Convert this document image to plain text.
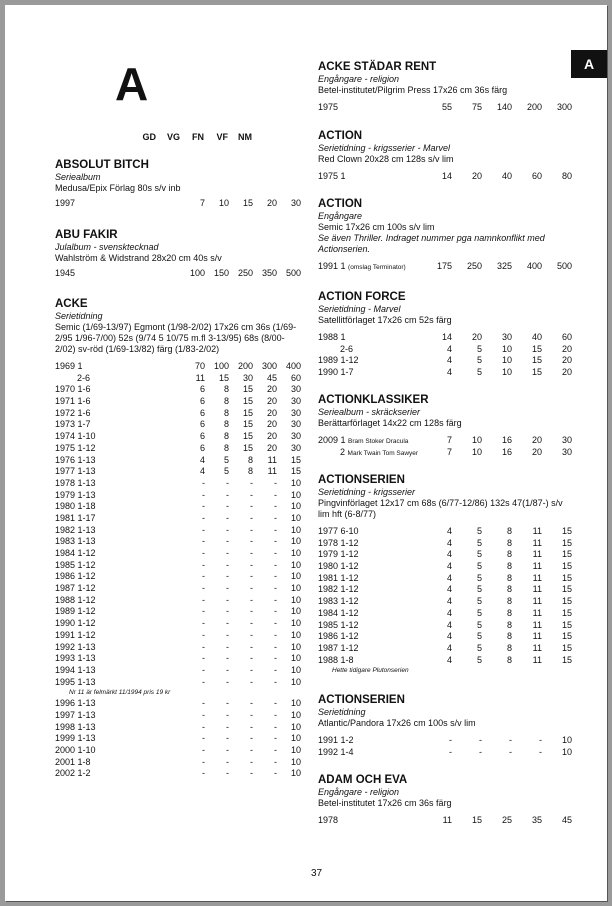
A
GD VG FN VF NM
ABSOLUT BITCH
Seriealbum
Medusa/Epix Förlag 80s s/v inb
1997	7 10 15 20 30
ABU FAKIR
Julalbum - svensktecknad
Wahlström & Widstrand 28x20 cm 40s s/v
1945	100 150 250 350 500
ACKE
Serietidning
Semic (1/69-13/97) Egmont (1/98-2/02) 17x26 cm 36s (1/69-2/95 1/96-7/00) 52s (9/74 5 10/75 m.fl 3-13/95) 68s (8/00-2/02) sv-röd (1/69-13/82) färg (1/83-2/02)
1969 1	70 100 200 300 400
2-6	11 15 30 45 60
1970 1-6	6 8 15 20 30
1971 1-6	6 8 15 20 30
1972 1-6	6 8 15 20 30
1973 1-7	6 8 15 20 30
1974 1-10	6 8 15 20 30
1975 1-12	6 8 15 20 30
1976 1-13	4 5 8 11 15
1977 1-13	4 5 8 11 15
1978 1-13	- - - - 10
1979 1-13	- - - - 10
1980 1-18	- - - - 10
1981 1-17	- - - - 10
1982 1-13	- - - - 10
1983 1-13	- - - - 10
1984 1-12	- - - - 10
1985 1-12	- - - - 10
1986 1-12	- - - - 10
1987 1-12	- - - - 10
1988 1-12	- - - - 10
1989 1-12	- - - - 10
1990 1-12	- - - - 10
1991 1-12	- - - - 10
1992 1-13	- - - - 10
1993 1-13	- - - - 10
1994 1-13	- - - - 10
1995 1-13	- - - - 10
Nr 11 är felmärkt 11/1994 pris 19 kr
1996 1-13	- - - - 10
1997 1-13	- - - - 10
1998 1-13	- - - - 10
1999 1-13	- - - - 10
2000 1-10	- - - - 10
2001 1-8	- - - - 10
2002 1-2	- - - - 10
ACKE STÄDAR RENT
Engångare - religion
Betel-institutet/Pilgrim Press 17x26 cm 36s färg
1975	55 75 140 200 300
ACTION
Serietidning - krigsserier - Marvel
Red Clown 20x28 cm 128s s/v lim
1975 1	14 20 40 60 80
ACTION
Engångare
Semic 17x26 cm 100s s/v lim
Se även Thriller. Indraget nummer pga namnkonflikt med Actionserien.
1991 1 (omslag Terminator)	175 250 325 400 500
ACTION FORCE
Serietidning - Marvel
Satellitförlaget 17x26 cm 52s färg
1988 1	14 20 30 40 60
2-6	4	5 10 15 20
1989 1-12	4	5 10 15 20
1990 1-7	4	5 10 15 20
ACTIONKLASSIKER
Seriealbum - skräckserier
Berättarförlaget 14x22 cm 128s färg
2009 1 Bram Stoker Dracula	7 10 16 20 30
2 Mark Twain Tom Sawyer	7 10 16 20 30
ACTIONSERIEN
Serietidning - krigsserier
Pingvinförlaget 12x17 cm 68s (6/77-12/86) 132s 47(1/87-) s/v lim hft (6-8/77)
1977 6-10	4	5	8 11 15
1978 1-12	4	5	8 11 15
1979 1-12	4	5	8 11 15
1980 1-12	4	5	8 11 15
1981 1-12	4	5	8 11 15
1982 1-12	4	5	8 11 15
1983 1-12	4	5	8 11 15
1984 1-12	4	5	8 11 15
1985 1-12	4	5	8 11 15
1986 1-12	4	5	8 11 15
1987 1-12	4	5	8 11 15
1988 1-8	4	5	8 11 15
Hette tidigare Plutonserien
ACTIONSERIEN
Serietidning
Atlantic/Pandora 17x26 cm 100s s/v lim
1991 1-2	-	-	-	- 10
1992 1-4	-	-	-	- 10
ADAM OCH EVA
Engångare - religion
Betel-institutet 17x26 cm 36s färg
1978	11 15 25 35 45
A
37
